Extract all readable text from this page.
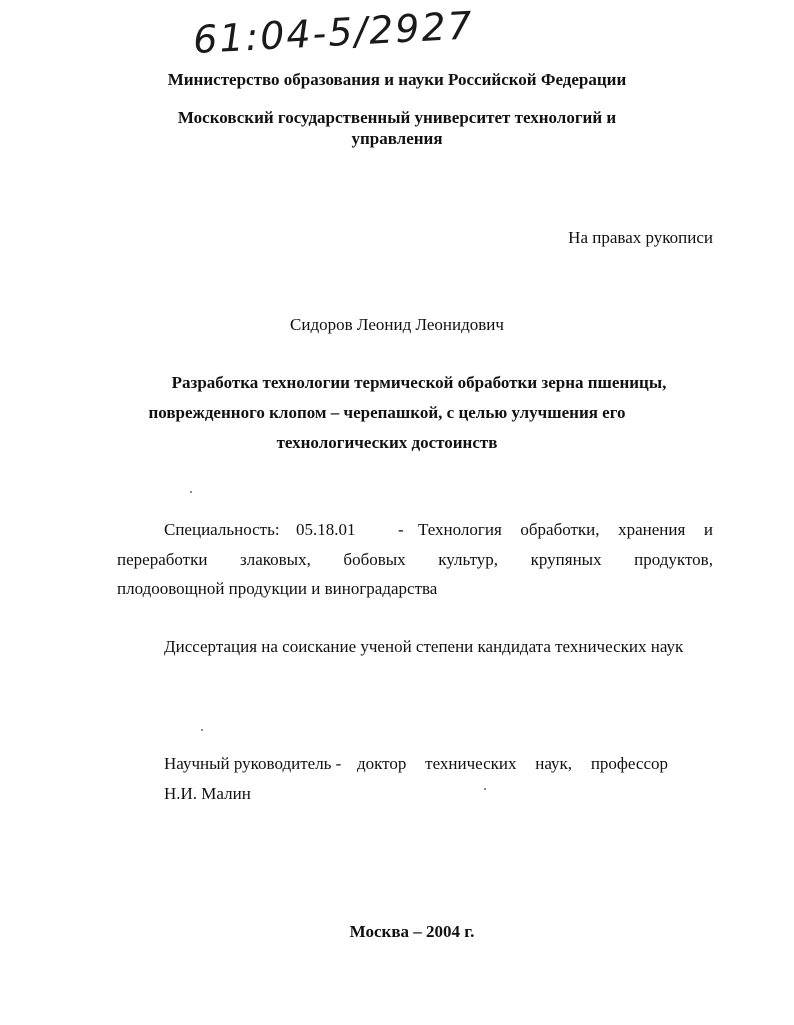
61:04-5/2927
Министерство образования и науки Российской Федерации
Московский государственный университет технологий и
управления
На правах рукописи
Сидоров Леонид Леонидович
Разработка технологии термической обработки зерна пшеницы,
поврежденного клопом – черепашкой, с целью улучшения его
технологических достоинств
Специальность: 05.18.01	- Технология обработки, хранения и
переработки злаковых, бобовых культур, крупяных продуктов,
плодоовощной продукции и виноградарства
Диссертация на соискание ученой степени кандидата технических наук
Научный руководитель - доктор технических наук, профессор
Н.И. Малин
Москва – 2004 г.
